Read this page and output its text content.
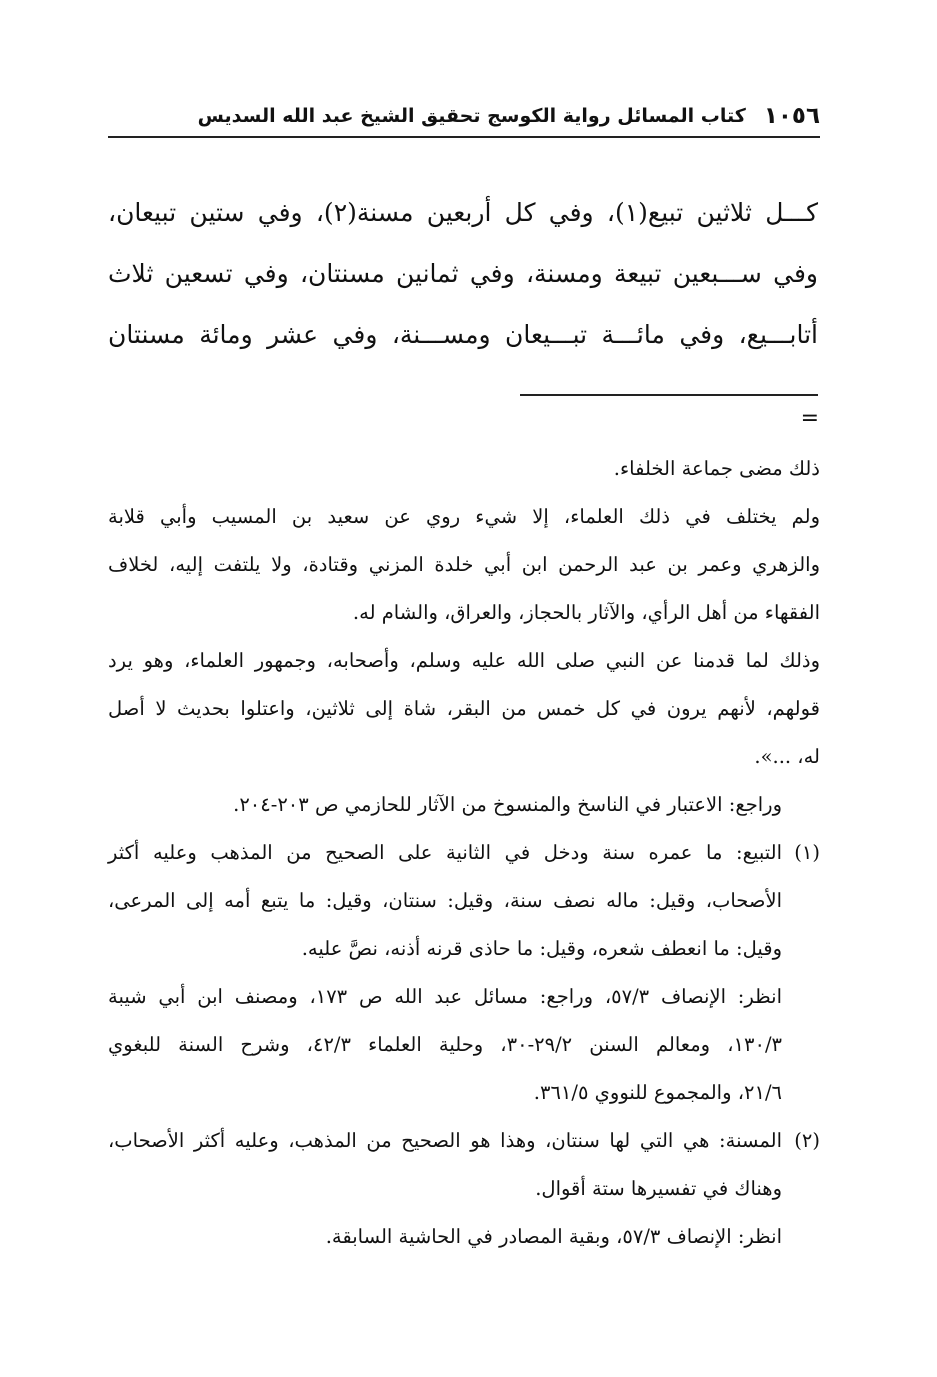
١٠٥٦
كتاب المسائل رواية الكوسج تحقيق الشيخ عبد الله السديس

كـــل ثلاثين تبيع(١)، وفي كل أربعين مسنة(٢)، وفي ستين تبيعان،

وفي ســـبعين تبيعة ومسنة، وفي ثمانين مسنتان، وفي تسعين ثلاث

أتابـــيع، وفي مائـــة تبـــيعان ومســـنة، وفي عشر ومائة مسنتان

=
ذلك مضى جماعة الخلفاء.
ولم يختلف في ذلك العلماء، إلا شيء روي عن سعيد بن المسيب وأبي قلابة
والزهري وعمر بن عبد الرحمن ابن أبي خلدة المزني وقتادة، ولا يلتفت إليه، لخلاف
الفقهاء من أهل الرأي، والآثار بالحجاز، والعراق، والشام له.
وذلك لما قدمنا عن النبي صلى الله عليه وسلم، وأصحابه، وجمهور العلماء، وهو يرد
قولهم، لأنهم يرون في كل خمس من البقر، شاة إلى ثلاثين، واعتلوا بحديث لا أصل
له، ...».
وراجع: الاعتبار في الناسخ والمنسوخ من الآثار للحازمي ص ٢٠٣-٢٠٤.
(١)
التبيع: ما عمره سنة ودخل في الثانية على الصحيح من المذهب وعليه أكثر
الأصحاب، وقيل: ماله نصف سنة، وقيل: سنتان، وقيل: ما يتبع أمه إلى المرعى،
وقيل: ما انعطف شعره، وقيل: ما حاذى قرنه أذنه، نصَّ عليه.
انظر: الإنصاف ٥٧/٣، وراجع: مسائل عبد الله ص ١٧٣، ومصنف ابن أبي شيبة
١٣٠/٣، ومعالم السنن ٢٩/٢-٣٠، وحلية العلماء ٤٢/٣، وشرح السنة للبغوي
٢١/٦، والمجموع للنووي ٣٦١/٥.
(٢)
المسنة: هي التي لها سنتان، وهذا هو الصحيح من المذهب، وعليه أكثر الأصحاب،
وهناك في تفسيرها ستة أقوال.
انظر: الإنصاف ٥٧/٣، وبقية المصادر في الحاشية السابقة.
